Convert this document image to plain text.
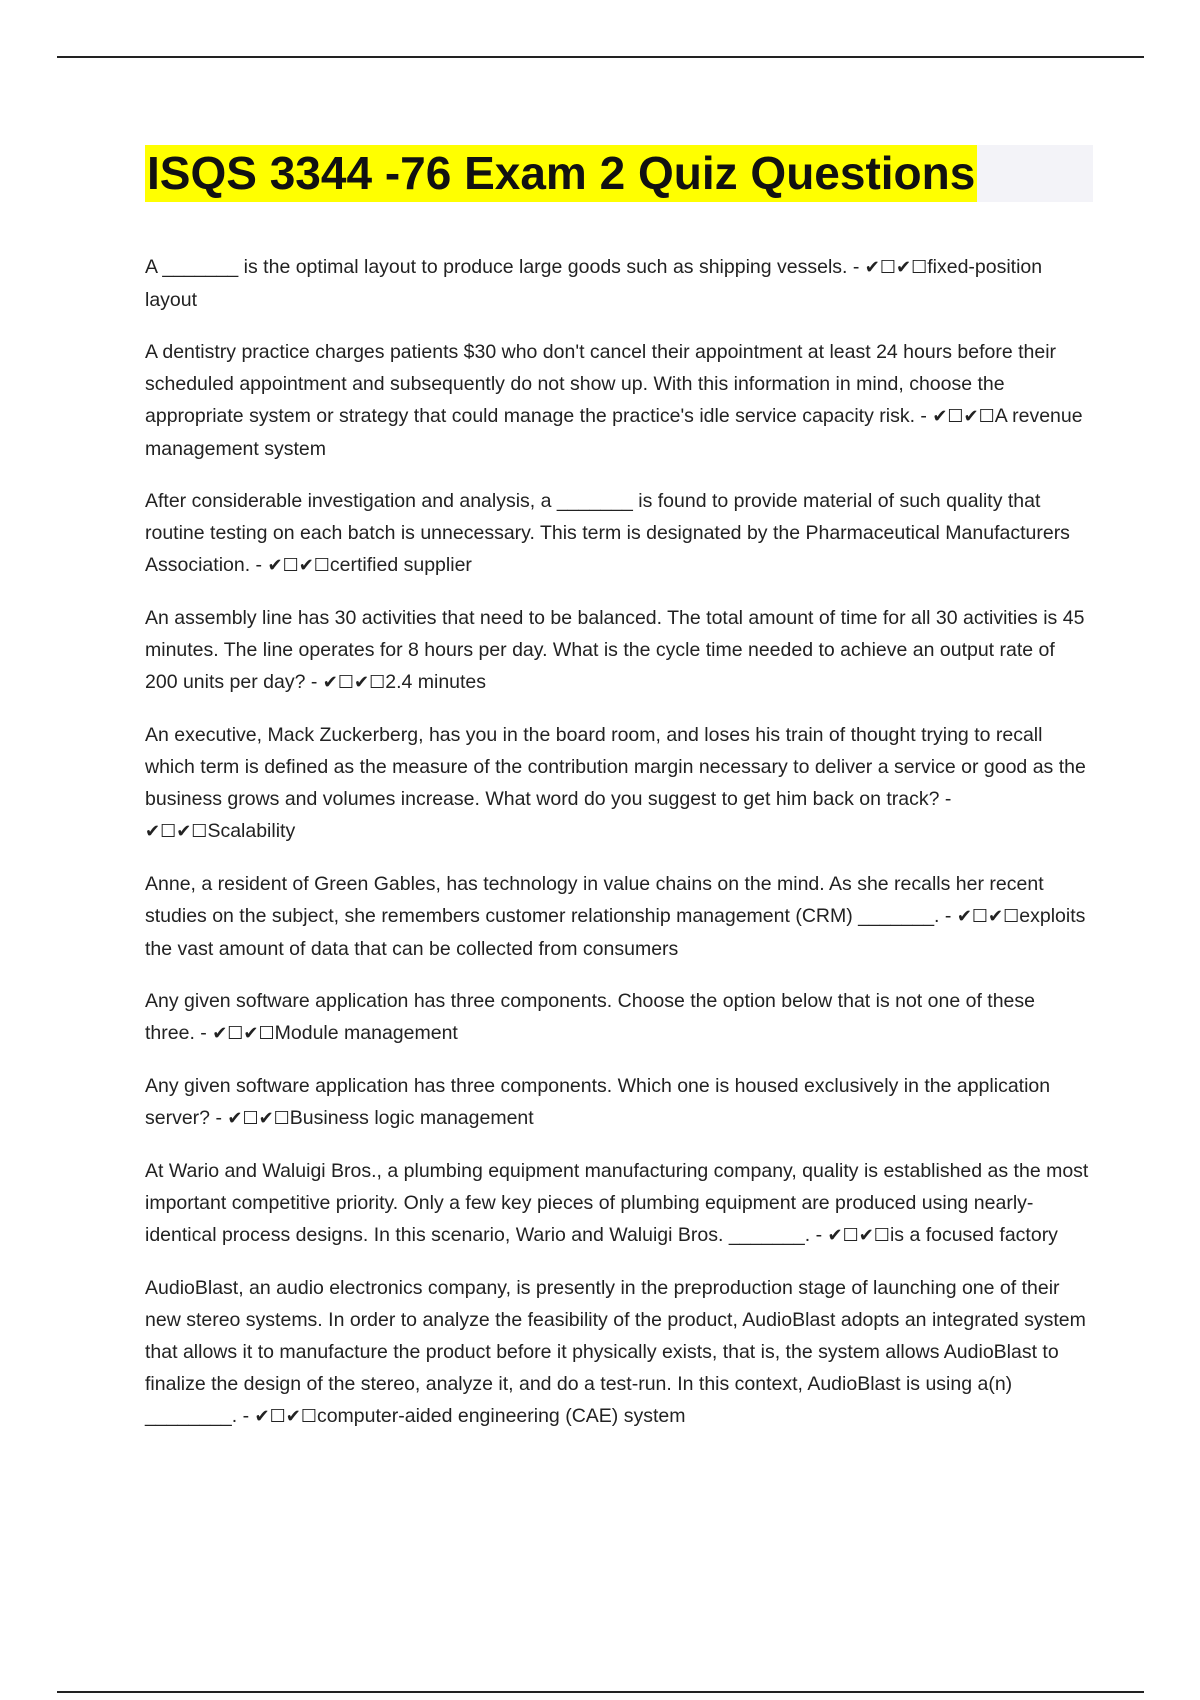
ISQS 3344 -76 Exam 2 Quiz Questions

A _______ is the optimal layout to produce large goods such as shipping vessels. - ✔☐✔☐fixed-position layout

A dentistry practice charges patients $30 who don't cancel their appointment at least 24 hours before their scheduled appointment and subsequently do not show up. With this information in mind, choose the appropriate system or strategy that could manage the practice's idle service capacity risk. - ✔☐✔☐A revenue management system

After considerable investigation and analysis, a _______ is found to provide material of such quality that routine testing on each batch is unnecessary. This term is designated by the Pharmaceutical Manufacturers Association. - ✔☐✔☐certified supplier

An assembly line has 30 activities that need to be balanced. The total amount of time for all 30 activities is 45 minutes. The line operates for 8 hours per day. What is the cycle time needed to achieve an output rate of 200 units per day? - ✔☐✔☐2.4 minutes

An executive, Mack Zuckerberg, has you in the board room, and loses his train of thought trying to recall which term is defined as the measure of the contribution margin necessary to deliver a service or good as the business grows and volumes increase. What word do you suggest to get him back on track? - ✔☐✔☐Scalability

Anne, a resident of Green Gables, has technology in value chains on the mind. As she recalls her recent studies on the subject, she remembers customer relationship management (CRM) _______. - ✔☐✔☐exploits the vast amount of data that can be collected from consumers

Any given software application has three components. Choose the option below that is not one of these three. - ✔☐✔☐Module management

Any given software application has three components. Which one is housed exclusively in the application server? - ✔☐✔☐Business logic management

At Wario and Waluigi Bros., a plumbing equipment manufacturing company, quality is established as the most important competitive priority. Only a few key pieces of plumbing equipment are produced using nearly-identical process designs. In this scenario, Wario and Waluigi Bros. _______. - ✔☐✔☐is a focused factory

AudioBlast, an audio electronics company, is presently in the preproduction stage of launching one of their new stereo systems. In order to analyze the feasibility of the product, AudioBlast adopts an integrated system that allows it to manufacture the product before it physically exists, that is, the system allows AudioBlast to finalize the design of the stereo, analyze it, and do a test-run. In this context, AudioBlast is using a(n) ________. - ✔☐✔☐computer-aided engineering (CAE) system
